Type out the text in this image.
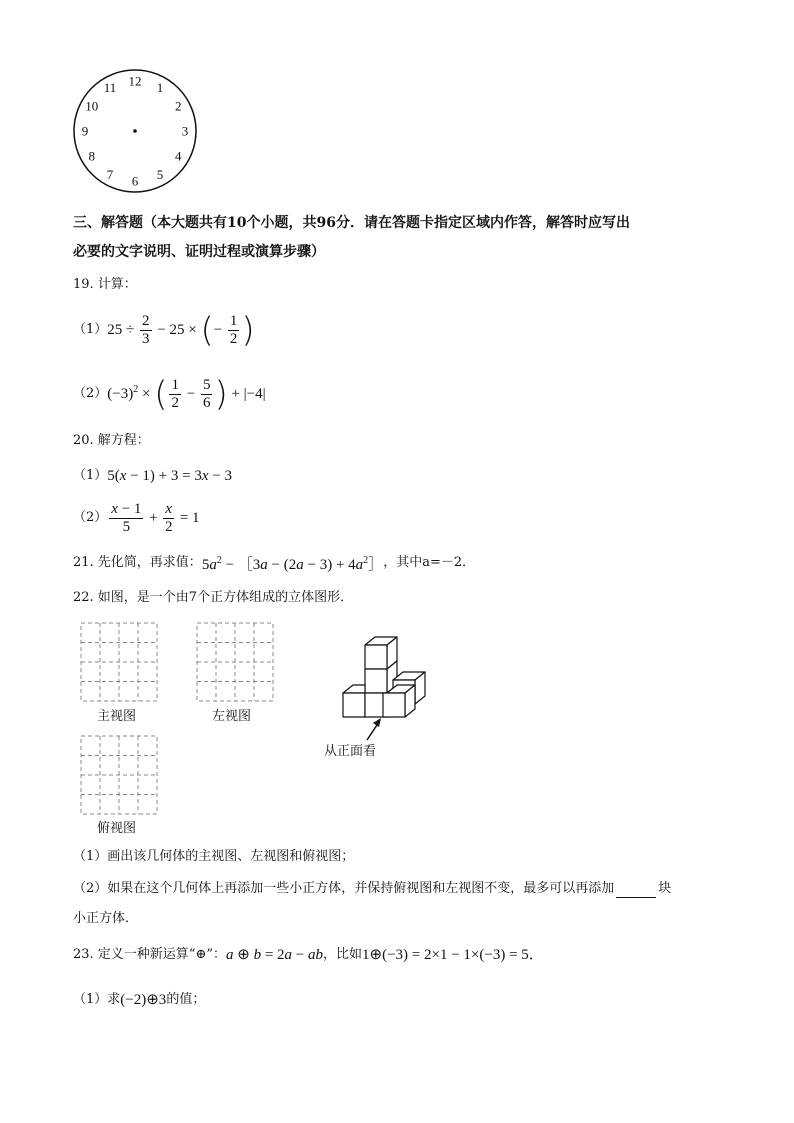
12 1
2
3
4
5
6
7
8
9
10
11
三、解答题（本大题共有10个小题，共96分．请在答题卡指定区域内作答，解答时应写出
必要的文字说明、证明过程或演算步骤）
19. 计算：
（1） $25 \div \frac{2}{3} - 25$ × (− $\frac{1}{2}$ )
（2） $(-3)^2$ × ( $\frac{1}{2} - \frac{5}{6}$ ) + |−4|
20. 解方程：
（1） 5(x − 1) + 3 = 3x − 3
$(2) \frac{x - 1}{5} + \frac{x}{2} = 1$
21. 先化简，再求值： $5a^2$ − ［3a − $(2a - 3) + 4a^2]$ ，其中 a=－2．
22. 如图，是一个由7个正方体组成的立体图形．
主视图	左视图
俯视图
从正面看
（1）画出该几何体的主视图、左视图和俯视图；
（2）如果在这个几何体上再添加一些小正方体，并保持俯视图和左视图不变，最多可以再添加	块
小正方体．
23. 定义一种新运算“⊕”： a ⊕ b = 2a − ab ，比如 1⊕(−3) = 2×1 − 1×(−3) = 5．
（1）求 (−2)⊕3 的值；
